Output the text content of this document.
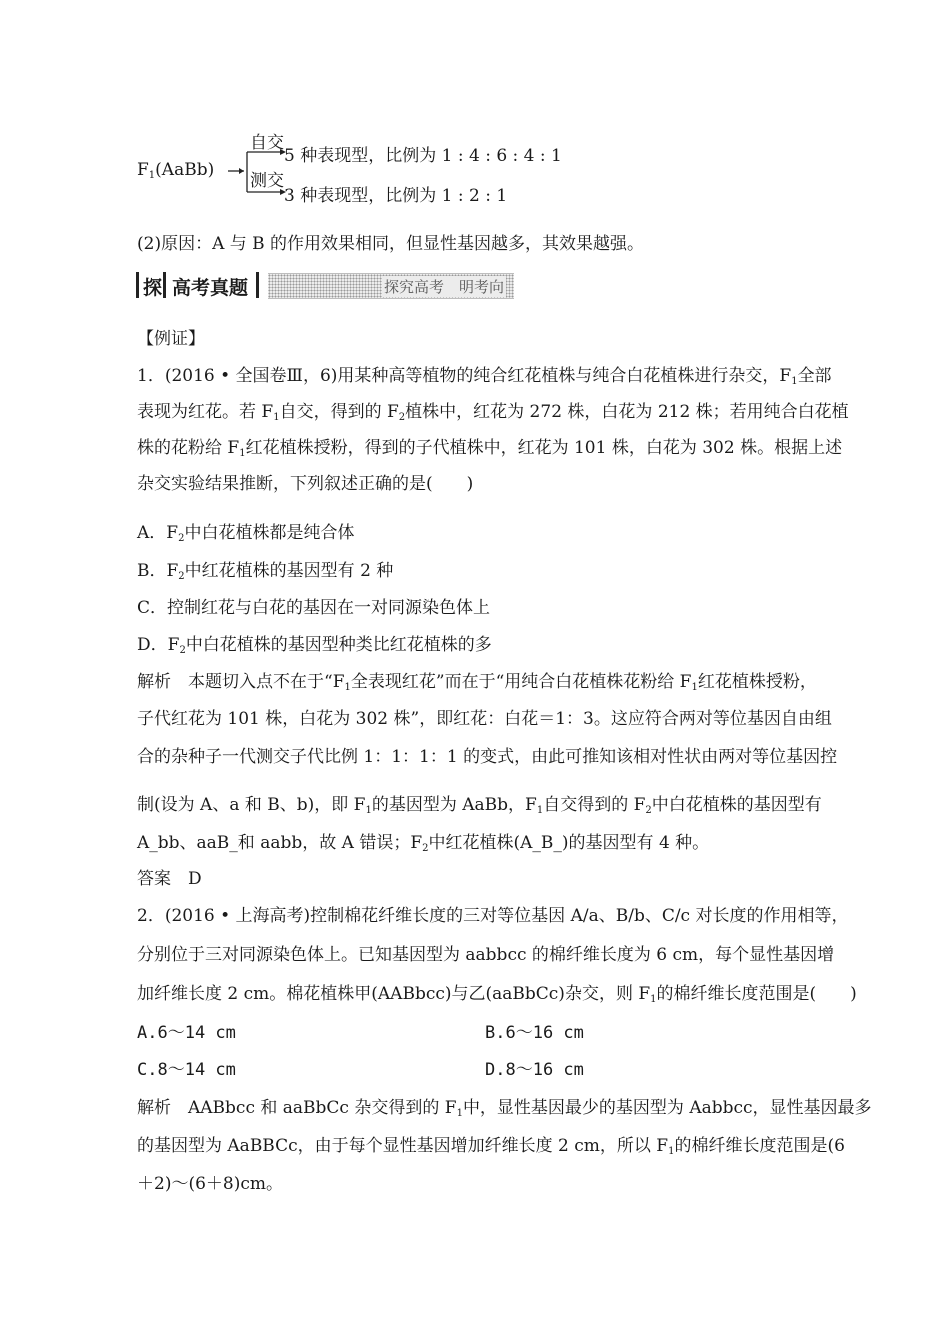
$F_1(AaBb)$
自交
5 种表现型，比例为 1 : 4 : 6 : 4 : 1
测交
3 种表现型，比例为 1 : 2 : 1
(2)原因：A 与 B 的作用效果相同，但显性基因越多，其效果越强。
探 高考真题	探究高考　明考向
【例证】
1．(2016 • 全国卷Ⅲ，6)用某种高等植物的纯合红花植株与纯合白花植株进行杂交，$F_1$全部
表现为红花。若 $F_1$自交，得到的 $F_2$植株中，红花为 272 株，白花为 212 株；若用纯合白花植
株的花粉给 $F_1$红花植株授粉，得到的子代植株中，红花为 101 株，白花为 302 株。根据上述
杂交实验结果推断，下列叙述正确的是(　　)
A．$F_2$中白花植株都是纯合体
B．$F_2$中红花植株的基因型有 2 种
C．控制红花与白花的基因在一对同源染色体上
D．$F_2$中白花植株的基因型种类比红花植株的多
解析　本题切入点不在于“$F_1$全表现红花”而在于“用纯合白花植株花粉给 $F_1$红花植株授粉，
子代红花为 101 株，白花为 302 株”，即红花：白花＝1：3。这应符合两对等位基因自由组
合的杂种子一代测交子代比例 1：1：1：1 的变式，由此可推知该相对性状由两对等位基因控
制(设为 A、a 和 B、b)，即 $F_1$的基因型为 AaBb，$F_1$自交得到的 $F_2$中白花植株的基因型有
A_bb、aaB_和 aabb，故 A 错误；$F_2$中红花植株(A_B_)的基因型有 4 种。
答案　D
2．(2016 • 上海高考)控制棉花纤维长度的三对等位基因 A/a、B/b、C/c 对长度的作用相等，
分别位于三对同源染色体上。已知基因型为 aabbcc 的棉纤维长度为 6 cm，每个显性基因增
加纤维长度 2 cm。棉花植株甲(AABbcc)与乙(aaBbCc)杂交，则 $F_1$的棉纤维长度范围是(　　)
A.6～14 cm	B.6～16 cm
C.8～14 cm	D.8～16 cm
解析　AABbcc 和 aaBbCc 杂交得到的 $F_1$中，显性基因最少的基因型为 Aabbcc，显性基因最多
的基因型为 AaBBCc，由于每个显性基因增加纤维长度 2 cm，所以 $F_1$的棉纤维长度范围是(6
＋2)～(6＋8)cm。
